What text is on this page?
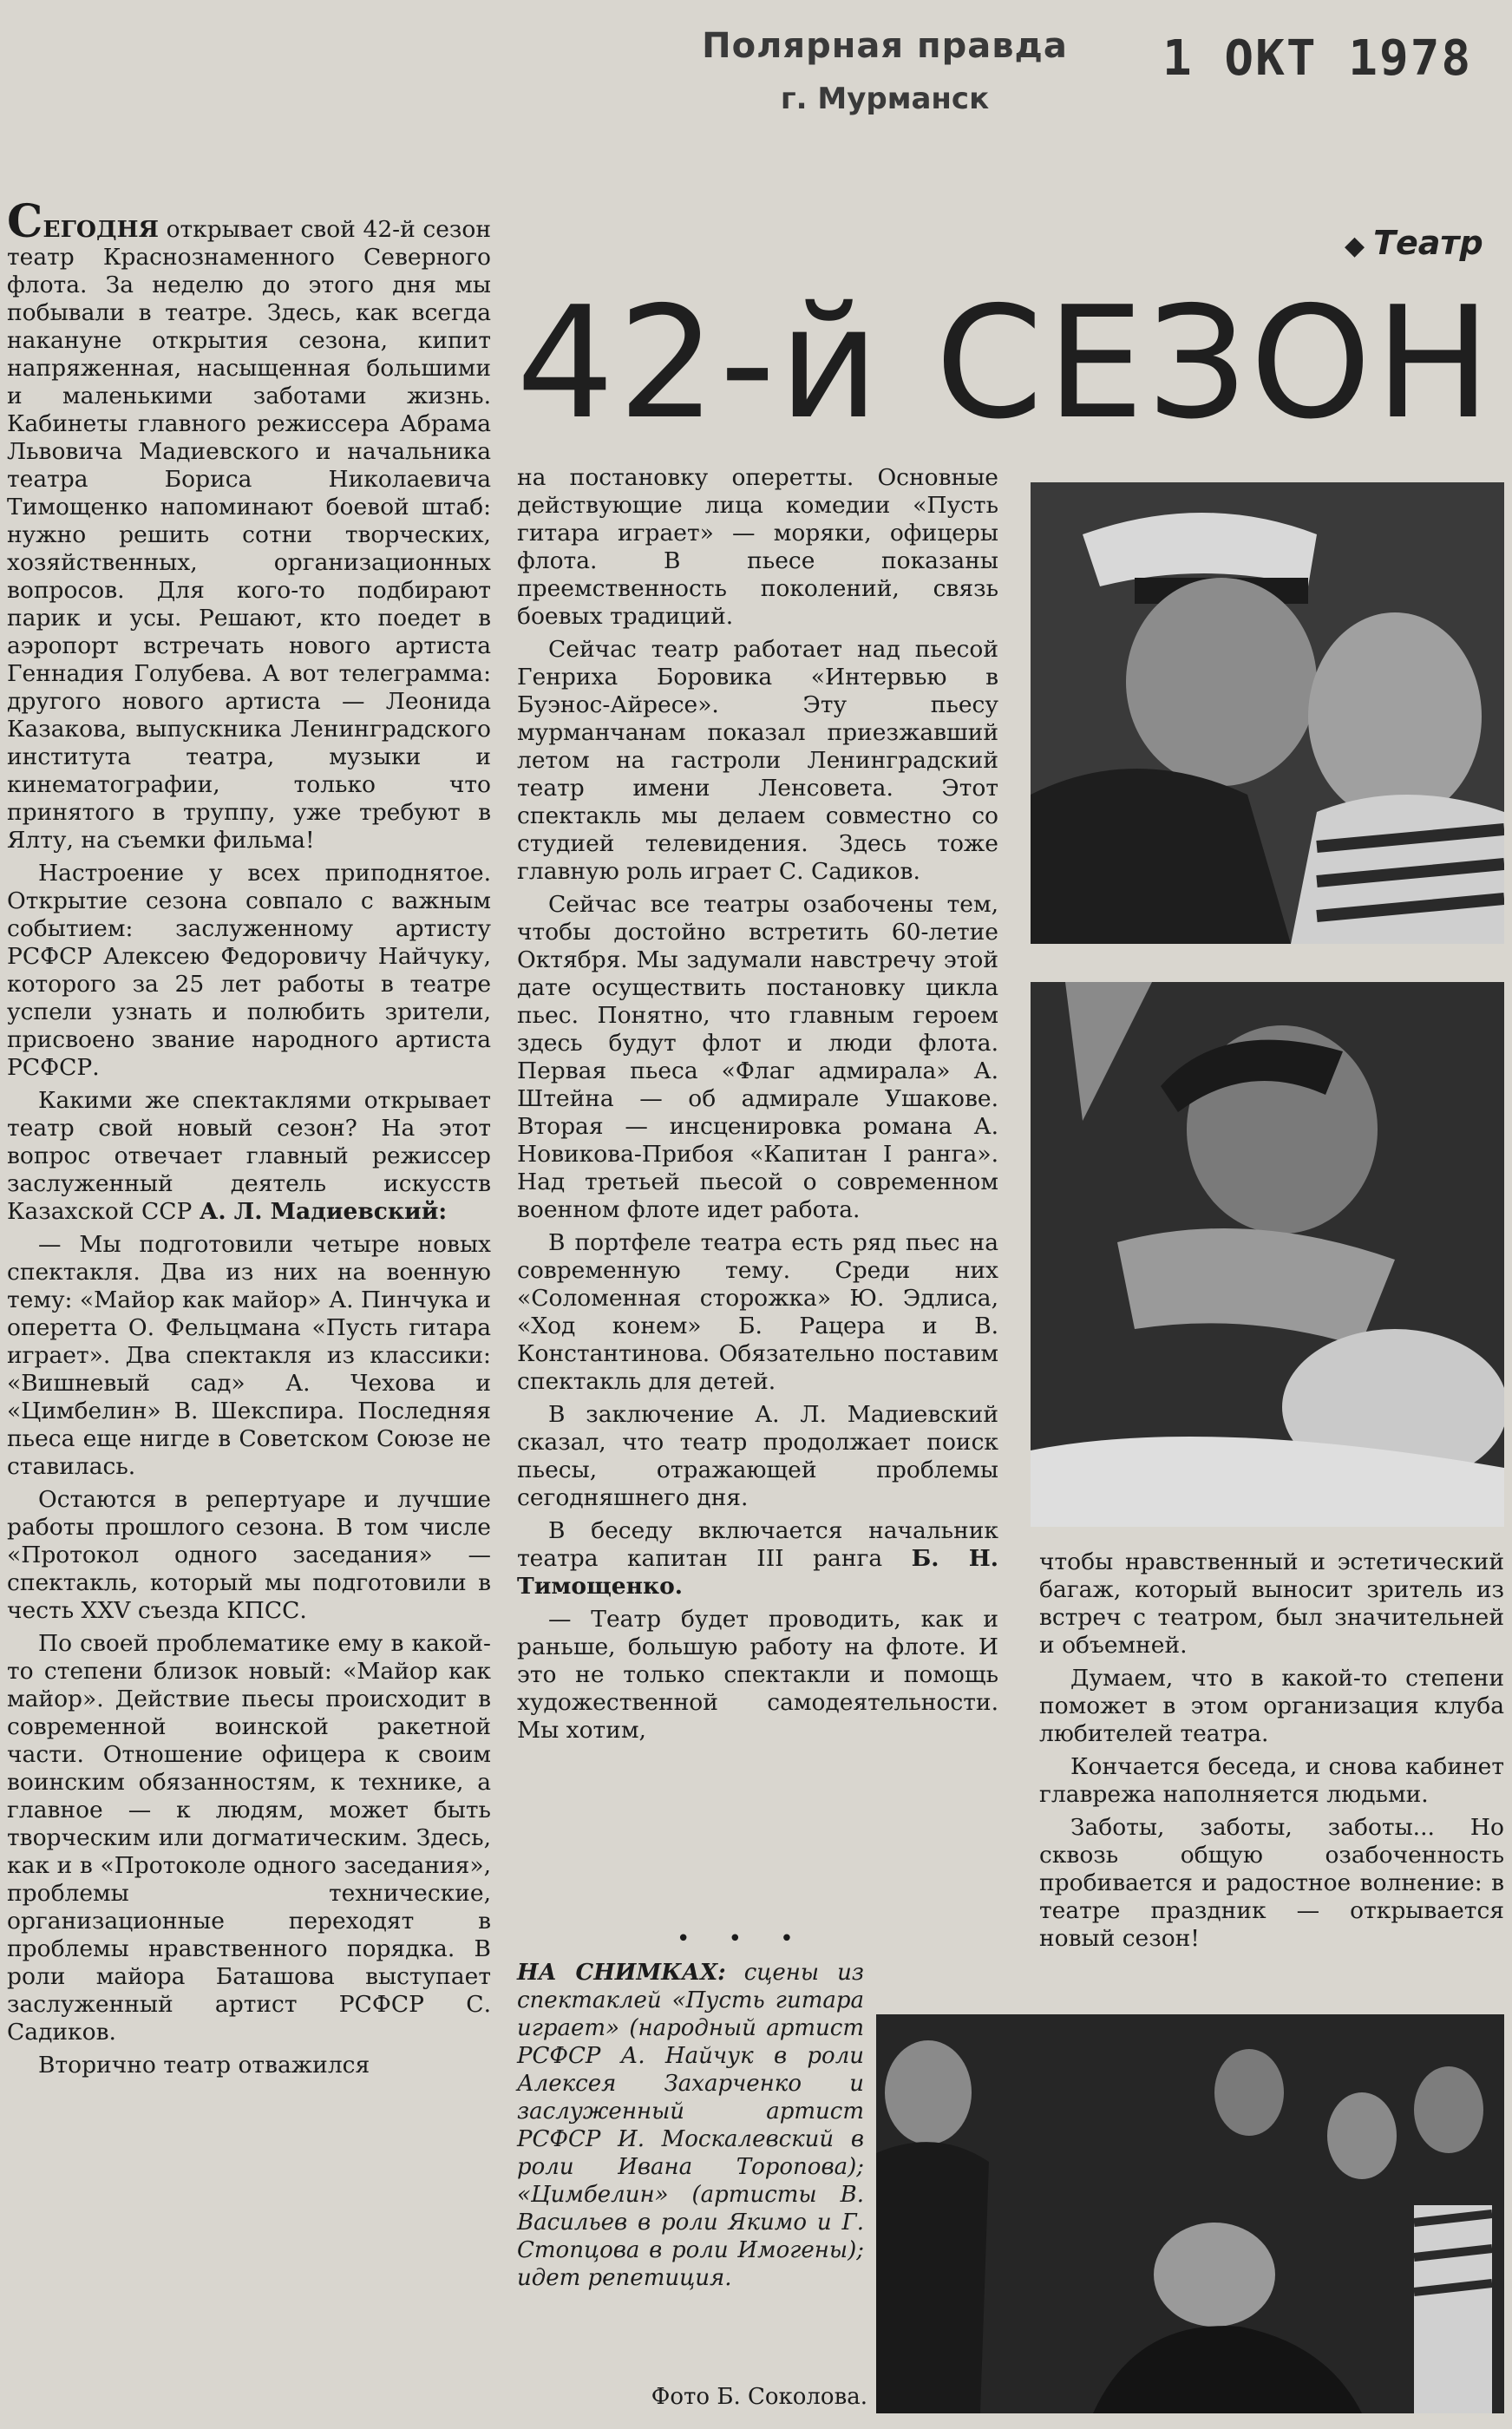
Полярная правда
г. Мурманск
1 ОКТ 1978
◆ Театр
42-й СЕЗОН

СЕГОДНЯ открывает свой 42-й сезон театр Краснознаменного Северного флота. За неделю до этого дня мы побывали в театре. Здесь, как всегда накануне открытия сезона, кипит напряженная, насыщенная большими и маленькими заботами жизнь. Кабинеты главного режиссера Абрама Львовича Мадиевского и начальника театра Бориса Николаевича Тимощенко напоминают боевой штаб: нужно решить сотни творческих, хозяйственных, организационных вопросов. Для кого-то подбирают парик и усы. Решают, кто поедет в аэропорт встречать нового артиста Геннадия Голубева. А вот телеграмма: другого нового артиста — Леонида Казакова, выпускника Ленинградского института театра, музыки и кинематографии, только что принятого в труппу, уже требуют в Ялту, на съемки фильма!

Настроение у всех приподнятое. Открытие сезона совпало с важным событием: заслуженному артисту РСФСР Алексею Федоровичу Найчуку, которого за 25 лет работы в театре успели узнать и полюбить зрители, присвоено звание народного артиста РСФСР.

Какими же спектаклями открывает театр свой новый сезон? На этот вопрос отвечает главный режиссер заслуженный деятель искусств Казахской ССР А. Л. Мадиевский:

— Мы подготовили четыре новых спектакля. Два из них на военную тему: «Майор как майор» А. Пинчука и оперетта О. Фельцмана «Пусть гитара играет». Два спектакля из классики: «Вишневый сад» А. Чехова и «Цимбелин» В. Шекспира. Последняя пьеса еще нигде в Советском Союзе не ставилась.

Остаются в репертуаре и лучшие работы прошлого сезона. В том числе «Протокол одного заседания» — спектакль, который мы подготовили в честь XXV съезда КПСС.

По своей проблематике ему в какой-то степени близок новый: «Майор как майор». Действие пьесы происходит в современной воинской ракетной части. Отношение офицера к своим воинским обязанностям, к технике, а главное — к людям, может быть творческим или догматическим. Здесь, как и в «Протоколе одного заседания», проблемы технические, организационные переходят в проблемы нравственного порядка. В роли майора Баташова выступает заслуженный артист РСФСР С. Садиков.

Вторично театр отважился

на постановку оперетты. Основные действующие лица комедии «Пусть гитара играет» — моряки, офицеры флота. В пьесе показаны преемственность поколений, связь боевых традиций.

Сейчас театр работает над пьесой Генриха Боровика «Интервью в Буэнос-Айресе». Эту пьесу мурманчанам показал приезжавший летом на гастроли Ленинградский театр имени Ленсовета. Этот спектакль мы делаем совместно со студией телевидения. Здесь тоже главную роль играет С. Садиков.

Сейчас все театры озабочены тем, чтобы достойно встретить 60-летие Октября. Мы задумали навстречу этой дате осуществить постановку цикла пьес. Понятно, что главным героем здесь будут флот и люди флота. Первая пьеса «Флаг адмирала» А. Штейна — об адмирале Ушакове. Вторая — инсценировка романа А. Новикова-Прибоя «Капитан I ранга». Над третьей пьесой о современном военном флоте идет работа.

В портфеле театра есть ряд пьес на современную тему. Среди них «Соломенная сторожка» Ю. Эдлиса, «Ход конем» Б. Рацера и В. Константинова. Обязательно поставим спектакль для детей.

В заключение А. Л. Мадиевский сказал, что театр продолжает поиск пьесы, отражающей проблемы сегодняшнего дня.

В беседу включается начальник театра капитан III ранга Б. Н. Тимощенко.

— Театр будет проводить, как и раньше, большую работу на флоте. И это не только спектакли и помощь художественной самодеятельности. Мы хотим,

• • •
НА СНИМКАХ: сцены из спектаклей «Пусть гитара играет» (народный артист РСФСР А. Найчук в роли Алексея Захарченко и заслуженный артист РСФСР И. Москалевский в роли Ивана Торопова); «Цимбелин» (артисты В. Васильев в роли Якимо и Г. Стопцова в роли Имогены); идет репетиция.
Фото Б. Соколова.

чтобы нравственный и эстетический багаж, который выносит зритель из встреч с театром, был значительней и объемней.

Думаем, что в какой-то степени поможет в этом организация клуба любителей театра.

Кончается беседа, и снова кабинет главрежа наполняется людьми.

Заботы, заботы, заботы... Но сквозь общую озабоченность пробивается и радостное волнение: в театре праздник — открывается новый сезон!
